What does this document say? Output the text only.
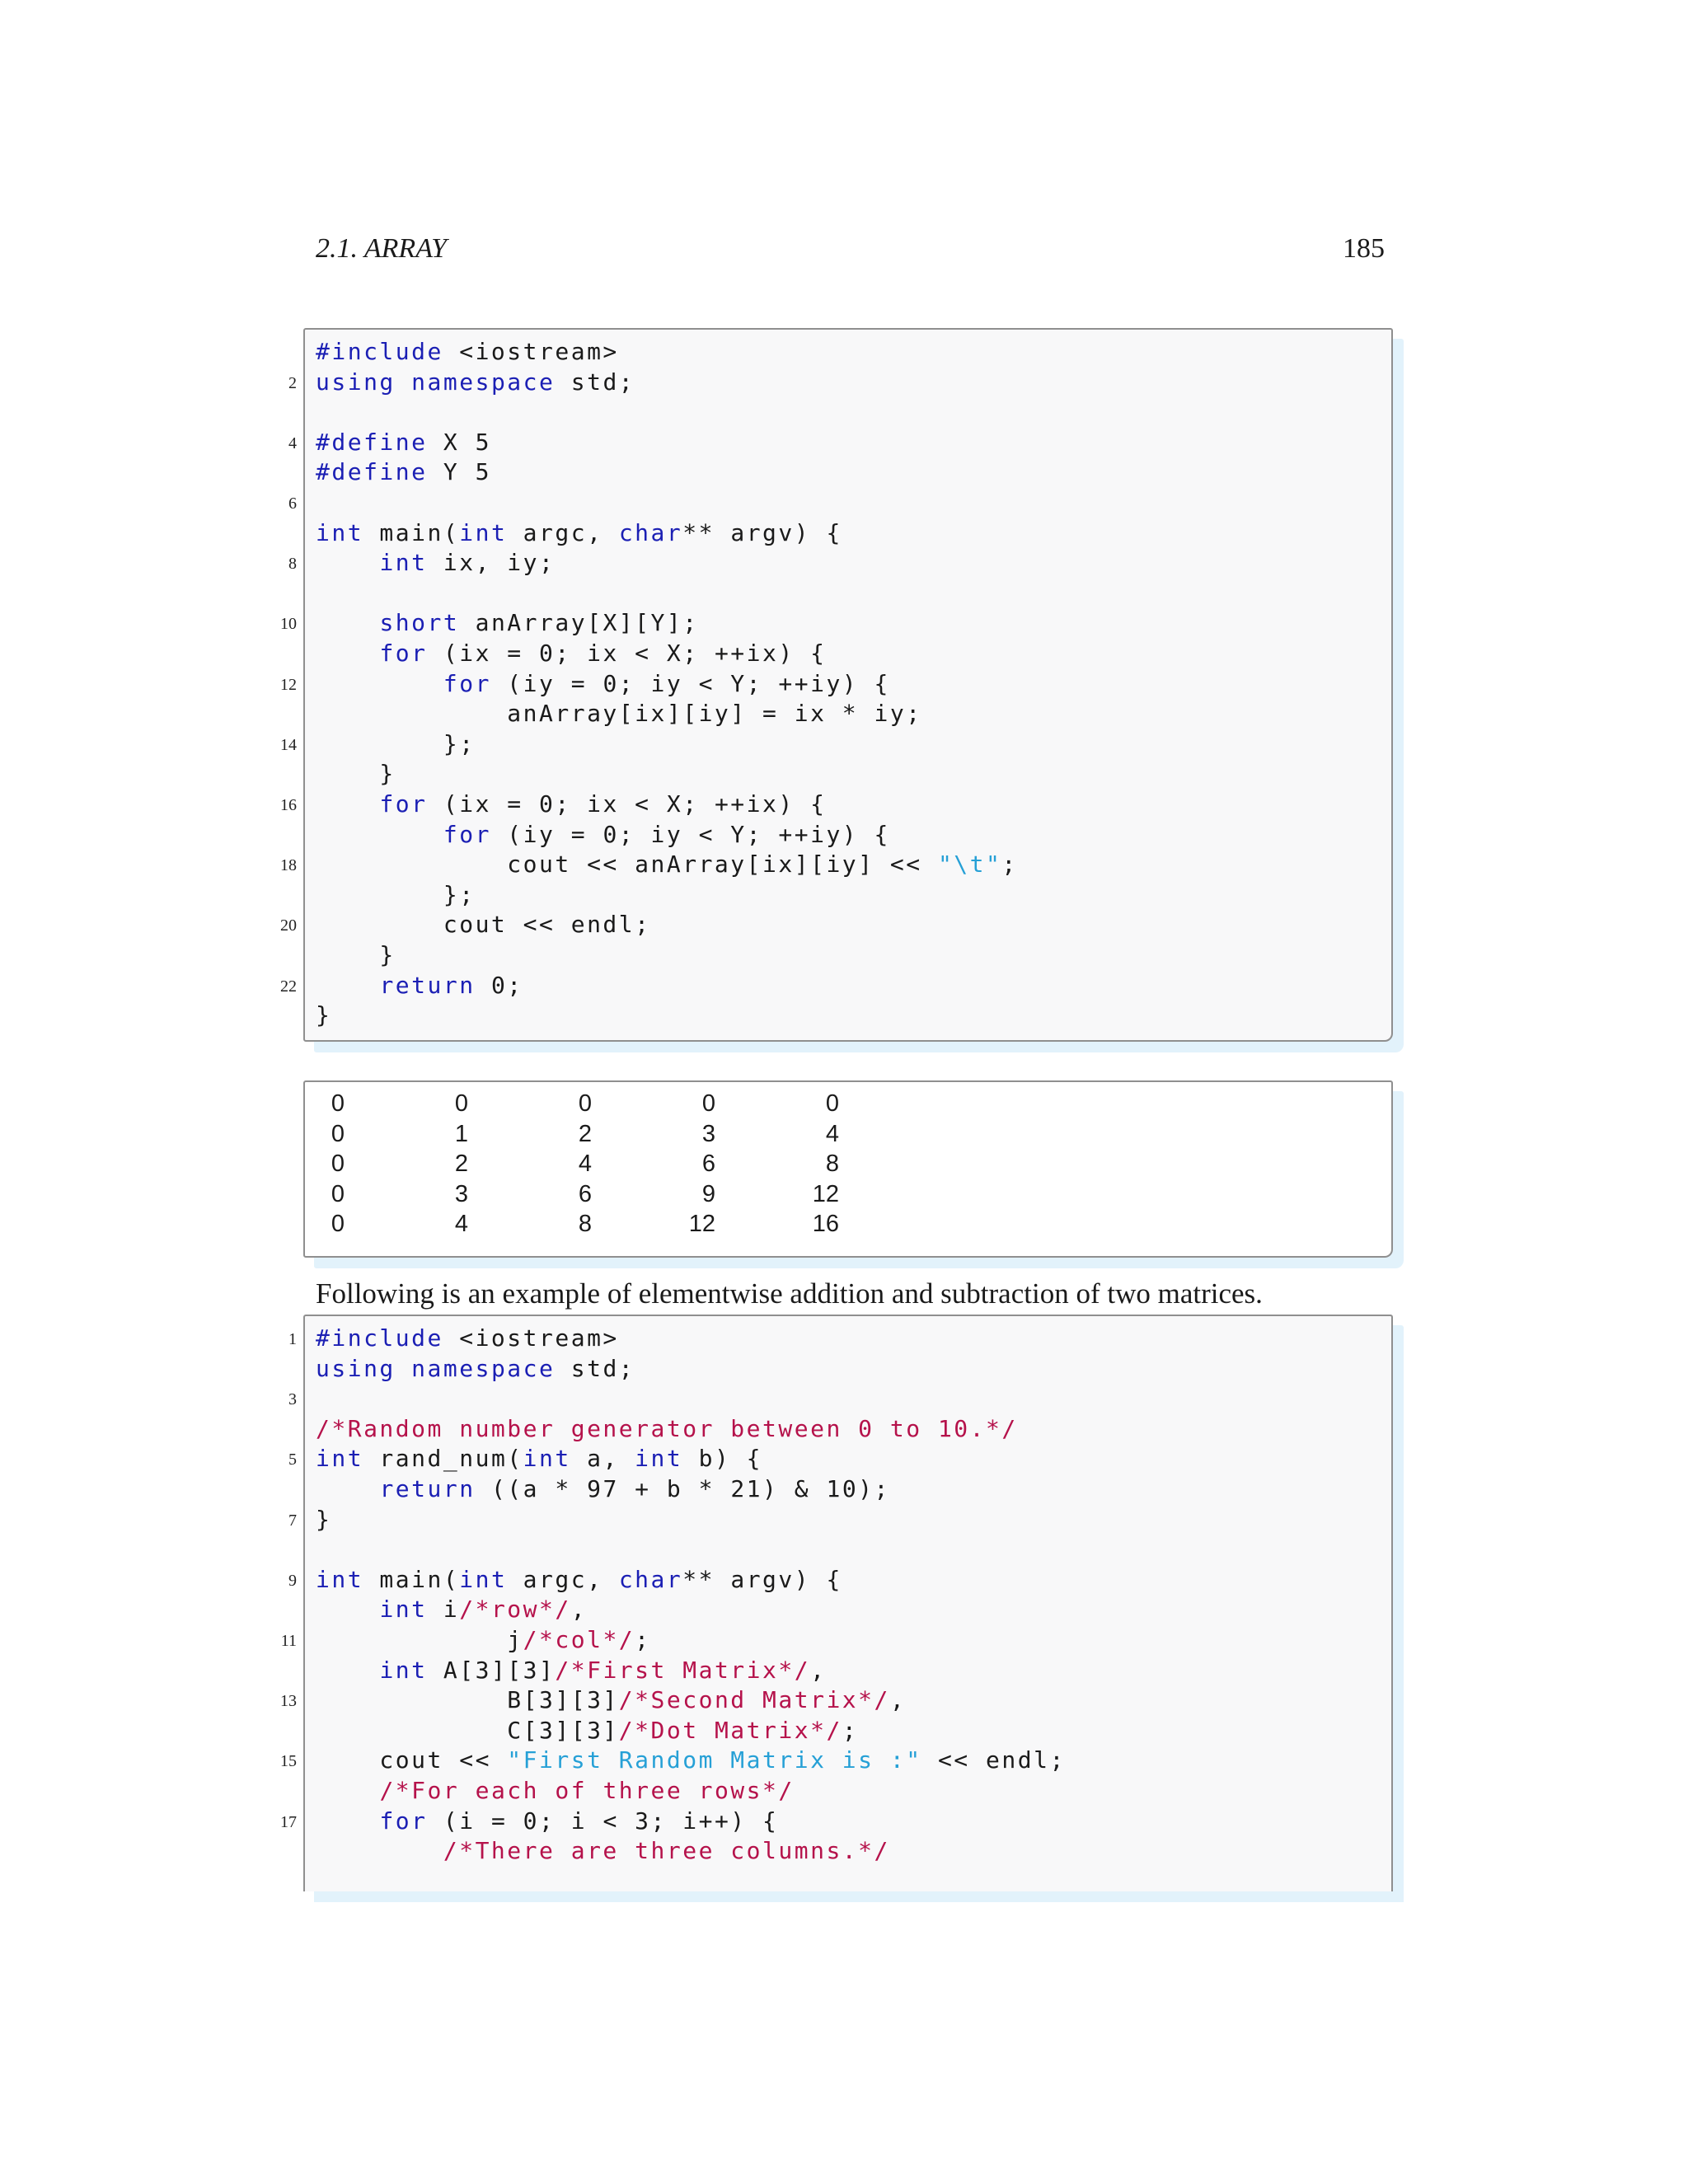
2.1. ARRAY	185
#include <iostream>
2 using namespace std;
4 #define X 5
#define Y 5
6
int main(int argc, char** argv) {
8	int ix, iy;
10	short anArray[X][Y];
for (ix = 0; ix < X; ++ix) {
12	for (iy = 0; iy < Y; ++iy) {
anArray[ix][iy] = ix * iy;
14 };
}
16	for (ix = 0; ix < X; ++ix) {
for (iy = 0; iy < Y; ++iy) {
18 cout << anArray[ix][iy] << "\t";
};
20 cout << endl;
}
22	return 0;
}
0	0	0	0	0
0	1	2	3	4
0	2	4	6	8
0	3	6	9	12
0	4	8	12	16
Following is an example of elementwise addition and subtraction of two matrices.
1 #include <iostream>
using namespace std;
3
/*Random number generator between 0 to 10.*/
5 int rand_num(int a, int b) {
return ((a * 97 + b * 21) & 10);
7 }
9 int main(int argc, char** argv) {
int i/*row*/,
11 j/*col*/;
int A[3][3]/*First Matrix*/,
13 B[3][3]/*Second Matrix*/,
C[3][3]/*Dot Matrix*/;
15 cout << "First Random Matrix is :" << endl;
/*For each of three rows*/
17	for (i = 0; i < 3; i++) {
/*There are three columns.*/
